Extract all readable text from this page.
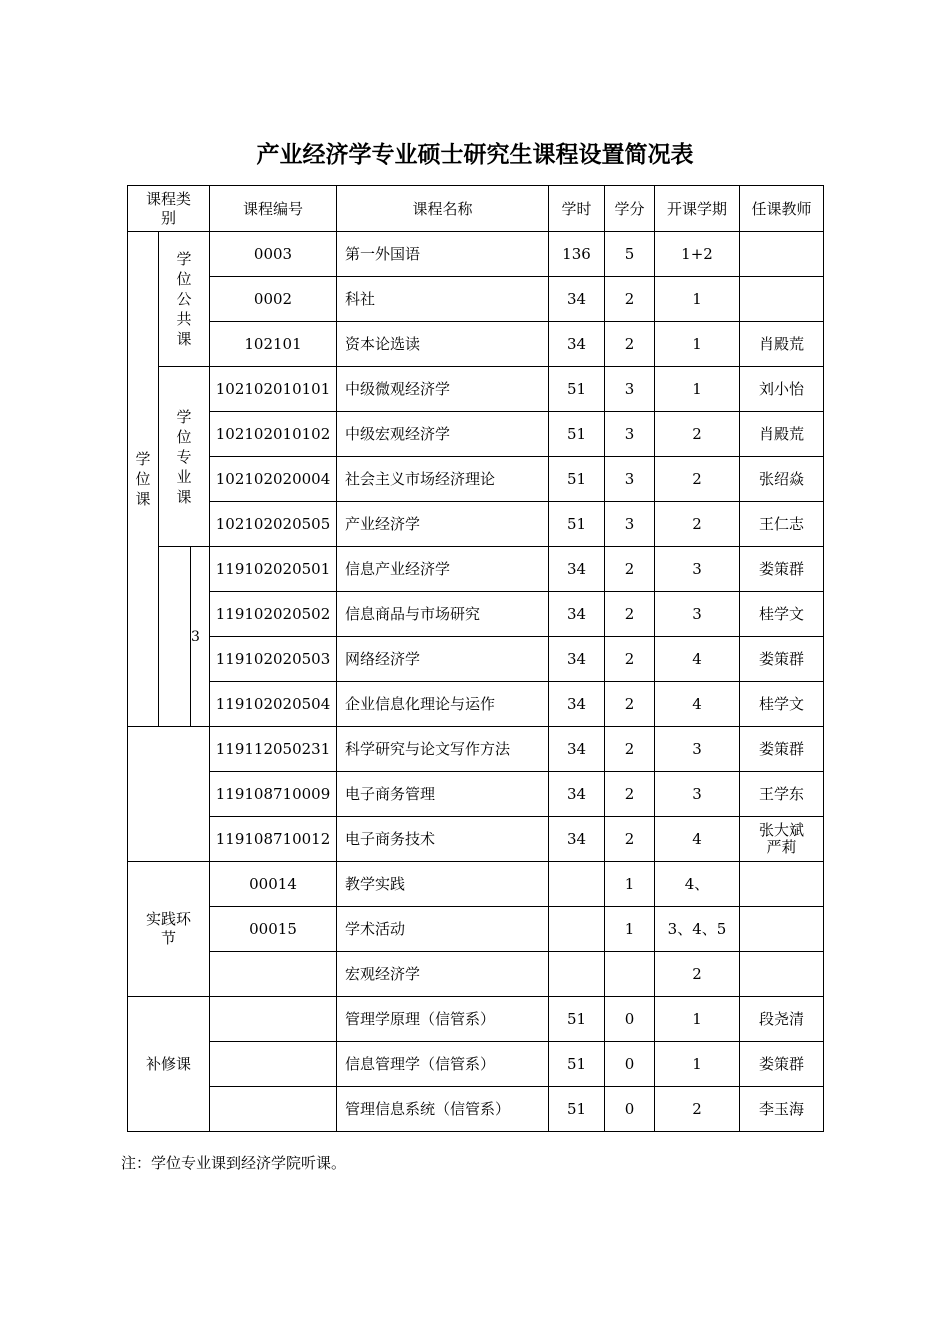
产业经济学专业硕士研究生课程设置简况表
课程类别			课程编号	课程名称	学时	学分	开课学期	任课教师
学位课	学位公共课		0003	第一外国语	136	5	1+2	
			0002	科社	34	2	1	
			102101	资本论选读	34	2	1	肖殿荒
	学位专业课		102102010101	中级微观经济学	51	3	1	刘小怡
			102102010102	中级宏观经济学	51	3	2	肖殿荒
			102102020004	社会主义市场经济理论	51	3	2	张绍焱
			102102020505	产业经济学	51	3	2	王仁志
		3	119102020501	信息产业经济学	34	2	3	娄策群
			119102020502	信息商品与市场研究	34	2	3	桂学文
			119102020503	网络经济学	34	2	4	娄策群
			119102020504	企业信息化理论与运作	34	2	4	桂学文
			119112050231	科学研究与论文写作方法	34	2	3	娄策群
			119108710009	电子商务管理	34	2	3	王学东
			119108710012	电子商务技术	34	2	4	张大斌 严莉

实践环节			00014	教学实践		1	4、	
			00015	学术活动		1	3、4、5	
				宏观经济学			2	
补修课				管理学原理（信管系）	51	0	1	段尧清
				信息管理学（信管系）	51	0	1	娄策群
				管理信息系统（信管系）	51	0	2	李玉海
注：学位专业课到经济学院听课。
